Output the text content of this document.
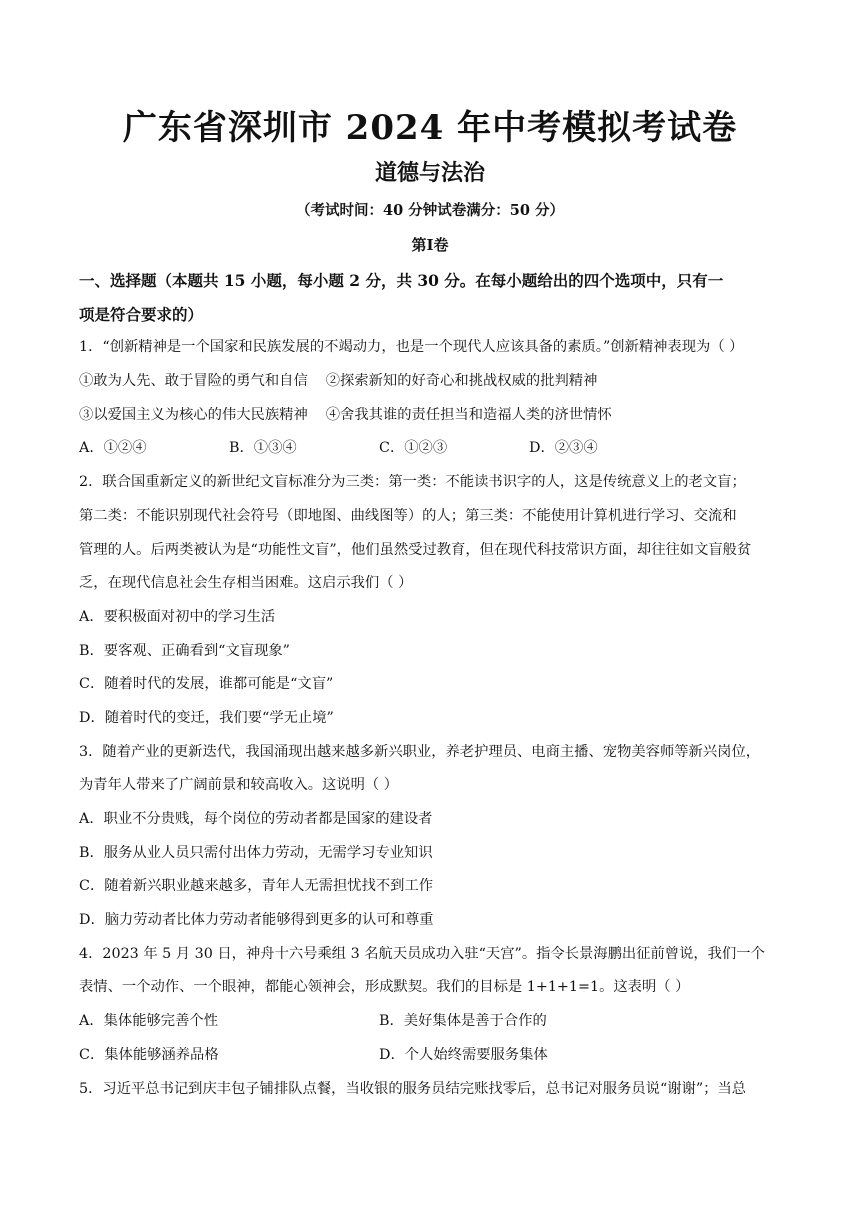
广东省深圳市 2024 年中考模拟考试卷
道德与法治
（考试时间：40 分钟试卷满分：50 分）
第Ⅰ卷
一、选择题（本题共 15 小题，每小题 2 分，共 30 分。在每小题给出的四个选项中，只有一
项是符合要求的）
1．“创新精神是一个国家和民族发展的不竭动力，也是一个现代人应该具备的素质。”创新精神表现为（ ）
①敢为人先、敢于冒险的勇气和自信 ②探索新知的好奇心和挑战权威的批判精神
③以爱国主义为核心的伟大民族精神 ④舍我其谁的责任担当和造福人类的济世情怀
A．①②④	B．①③④	C．①②③	D．②③④
2．联合国重新定义的新世纪文盲标准分为三类：第一类：不能读书识字的人，这是传统意义上的老文盲；
第二类：不能识别现代社会符号（即地图、曲线图等）的人；第三类：不能使用计算机进行学习、交流和
管理的人。后两类被认为是“功能性文盲”，他们虽然受过教育，但在现代科技常识方面，却往往如文盲般贫
乏，在现代信息社会生存相当困难。这启示我们（ ）
A．要积极面对初中的学习生活
B．要客观、正确看到“文盲现象”
C．随着时代的发展，谁都可能是“文盲”
D．随着时代的变迁，我们要“学无止境”
3．随着产业的更新迭代，我国涌现出越来越多新兴职业，养老护理员、电商主播、宠物美容师等新兴岗位，
为青年人带来了广阔前景和较高收入。这说明（ ）
A．职业不分贵贱，每个岗位的劳动者都是国家的建设者
B．服务从业人员只需付出体力劳动，无需学习专业知识
C．随着新兴职业越来越多，青年人无需担忧找不到工作
D．脑力劳动者比体力劳动者能够得到更多的认可和尊重
4．2023 年 5 月 30 日，神舟十六号乘组 3 名航天员成功入驻“天宫”。指令长景海鹏出征前曾说，我们一个
表情、一个动作、一个眼神，都能心领神会，形成默契。我们的目标是 1+1+1=1。这表明（ ）
A．集体能够完善个性	B．美好集体是善于合作的
C．集体能够涵养品格	D．个人始终需要服务集体
5．习近平总书记到庆丰包子铺排队点餐，当收银的服务员结完账找零后，总书记对服务员说“谢谢”；当总
